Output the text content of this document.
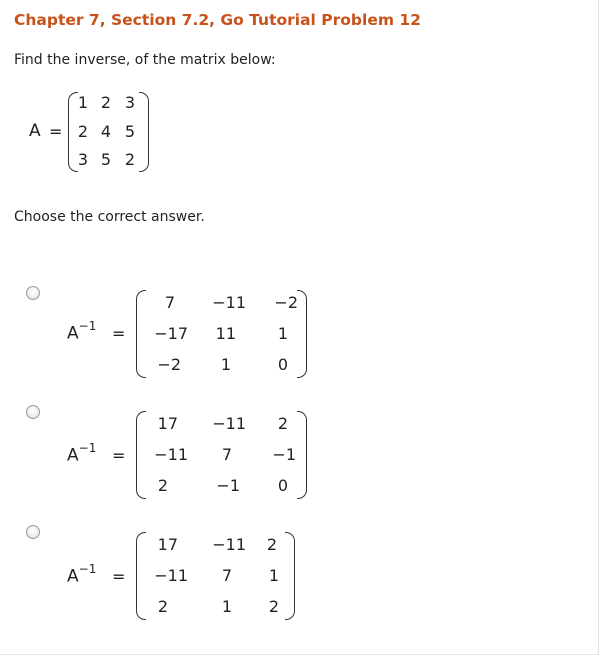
Chapter 7, Section 7.2, Go Tutorial Problem 12
Find the inverse, of the matrix below:
A =
1 2 3
2 4 5
3 5 2
Choose the correct answer.
$A^{-1}$ =
7	−11	−2
−17	11	1
−2	1	0
$A^{-1}$ =
17	−11	2
−11	7	−1
2	−1	0
$A^{-1}$ =
17	−11	2
−11	7	1
2	1	2
